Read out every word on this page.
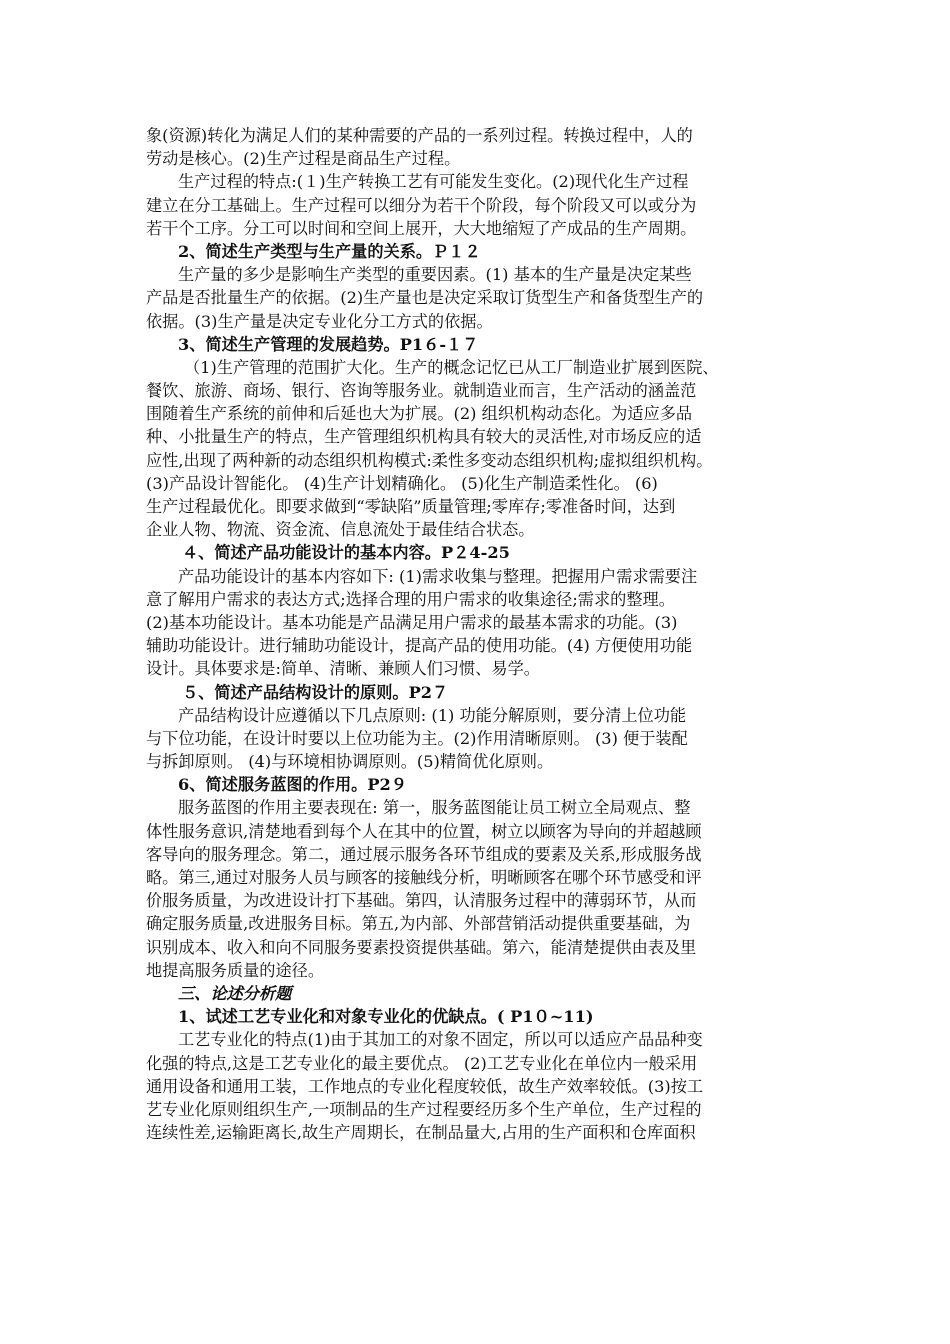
象(资源)转化为满足人们的某种需要的产品的一系列过程。转换过程中，人的
劳动是核心。(2)生产过程是商品生产过程。
生产过程的特点:(１)生产转换工艺有可能发生变化。(2)现代化生产过程
建立在分工基础上。生产过程可以细分为若干个阶段，每个阶段又可以或分为
若干个工序。分工可以时间和空间上展开，大大地缩短了产成品的生产周期。
2、简述生产类型与生产量的关系。Ｐ１２
生产量的多少是影响生产类型的重要因素。(1) 基本的生产量是决定某些
产品是否批量生产的依据。(2)生产量也是决定采取订货型生产和备货型生产的
依据。(3)生产量是决定专业化分工方式的依据。
3、简述生产管理的发展趋势。P1６-１７
（1)生产管理的范围扩大化。生产的概念记忆已从工厂制造业扩展到医院、
餐饮、旅游、商场、银行、咨询等服务业。就制造业而言，生产活动的涵盖范
围随着生产系统的前伸和后延也大为扩展。(2) 组织机构动态化。为适应多品
种、小批量生产的特点，生产管理组织机构具有较大的灵活性,对市场反应的适
应性,出现了两种新的动态组织机构模式:柔性多变动态组织机构;虚拟组织机构。
(3)产品设计智能化。 (4)生产计划精确化。 (5)化生产制造柔性化。 (6)
生产过程最优化。即要求做到“零缺陷”质量管理;零库存;零准备时间，达到
企业人物、物流、资金流、信息流处于最佳结合状态。
４、简述产品功能设计的基本内容。P２4-25
产品功能设计的基本内容如下: (1)需求收集与整理。把握用户需求需要注
意了解用户需求的表达方式;选择合理的用户需求的收集途径;需求的整理。
(2)基本功能设计。基本功能是产品满足用户需求的最基本需求的功能。(3)
辅助功能设计。进行辅助功能设计，提高产品的使用功能。(4) 方便使用功能
设计。具体要求是:简单、清晰、兼顾人们习惯、易学。
５、简述产品结构设计的原则。P2７
产品结构设计应遵循以下几点原则: (1) 功能分解原则，要分清上位功能
与下位功能，在设计时要以上位功能为主。(2)作用清晰原则。 (3) 便于装配
与拆卸原则。 (4)与环境相协调原则。(5)精简优化原则。
6、简述服务蓝图的作用。P2９
服务蓝图的作用主要表现在: 第一，服务蓝图能让员工树立全局观点、整
体性服务意识,清楚地看到每个人在其中的位置，树立以顾客为导向的并超越顾
客导向的服务理念。第二，通过展示服务各环节组成的要素及关系,形成服务战
略。第三,通过对服务人员与顾客的接触线分析，明晰顾客在哪个环节感受和评
价服务质量，为改进设计打下基础。第四，认清服务过程中的薄弱环节，从而
确定服务质量,改进服务目标。第五,为内部、外部营销活动提供重要基础，为
识别成本、收入和向不同服务要素投资提供基础。第六，能清楚提供由表及里
地提高服务质量的途径。
三、论述分析题
1、试述工艺专业化和对象专业化的优缺点。( P1０~11)
工艺专业化的特点(1)由于其加工的对象不固定，所以可以适应产品品种变
化强的特点,这是工艺专业化的最主要优点。 (2)工艺专业化在单位内一般采用
通用设备和通用工装，工作地点的专业化程度较低，故生产效率较低。(3)按工
艺专业化原则组织生产,一项制品的生产过程要经历多个生产单位，生产过程的
连续性差,运输距离长,故生产周期长，在制品量大,占用的生产面积和仓库面积
